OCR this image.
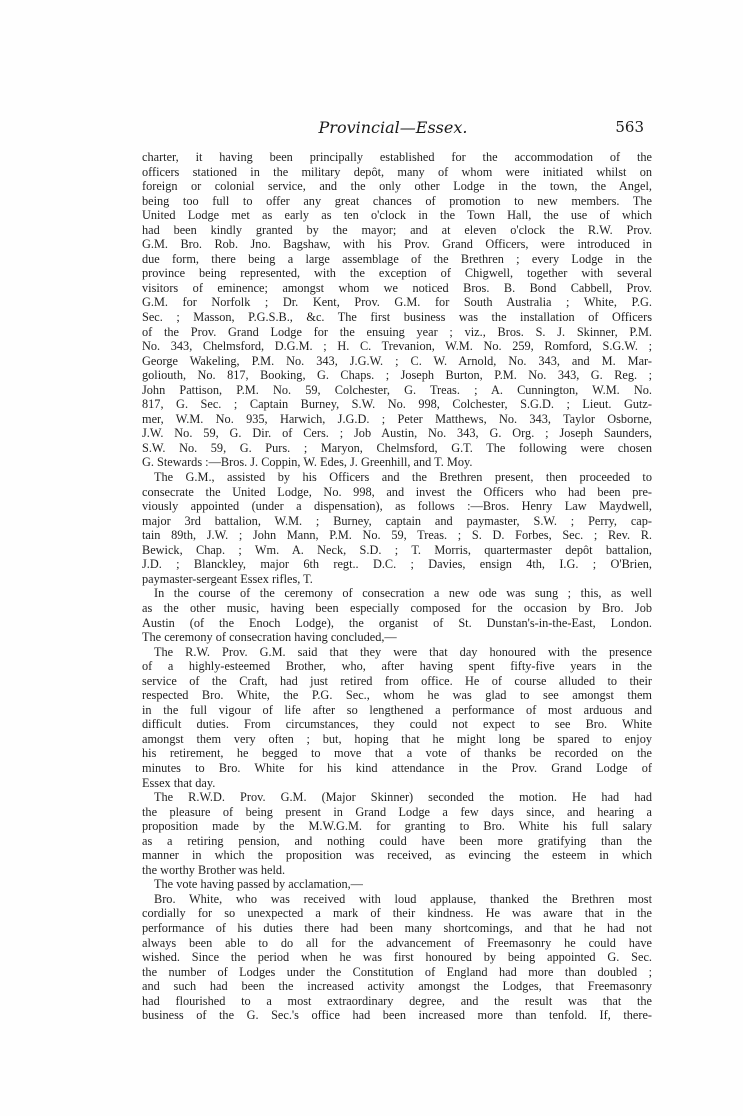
Provincial—Essex.	563
charter, it having been principally established for the accommodation of the
officers stationed in the military depôt, many of whom were initiated whilst on
foreign or colonial service, and the only other Lodge in the town, the Angel,
being too full to offer any great chances of promotion to new members. The
United Lodge met as early as ten o'clock in the Town Hall, the use of which
had been kindly granted by the mayor; and at eleven o'clock the R.W. Prov.
G.M. Bro. Rob. Jno. Bagshaw, with his Prov. Grand Officers, were introduced in
due form, there being a large assemblage of the Brethren ; every Lodge in the
province being represented, with the exception of Chigwell, together with several
visitors of eminence; amongst whom we noticed Bros. B. Bond Cabbell, Prov.
G.M. for Norfolk ; Dr. Kent, Prov. G.M. for South Australia ; White, P.G.
Sec. ; Masson, P.G.S.B., &c. The first business was the installation of Officers
of the Prov. Grand Lodge for the ensuing year ; viz., Bros. S. J. Skinner, P.M.
No. 343, Chelmsford, D.G.M. ; H. C. Trevanion, W.M. No. 259, Romford, S.G.W. ;
George Wakeling, P.M. No. 343, J.G.W. ; C. W. Arnold, No. 343, and M. Mar-
goliouth, No. 817, Booking, G. Chaps. ; Joseph Burton, P.M. No. 343, G. Reg. ;
John Pattison, P.M. No. 59, Colchester, G. Treas. ; A. Cunnington, W.M. No.
817, G. Sec. ; Captain Burney, S.W. No. 998, Colchester, S.G.D. ; Lieut. Gutz-
mer, W.M. No. 935, Harwich, J.G.D. ; Peter Matthews, No. 343, Taylor Osborne,
J.W. No. 59, G. Dir. of Cers. ; Job Austin, No. 343, G. Org. ; Joseph Saunders,
S.W. No. 59, G. Purs. ; Maryon, Chelmsford, G.T. The following were chosen
G. Stewards :—Bros. J. Coppin, W. Edes, J. Greenhill, and T. Moy.
The G.M., assisted by his Officers and the Brethren present, then proceeded to
consecrate the United Lodge, No. 998, and invest the Officers who had been pre-
viously appointed (under a dispensation), as follows :—Bros. Henry Law Maydwell,
major 3rd battalion, W.M. ; Burney, captain and paymaster, S.W. ; Perry, cap-
tain 89th, J.W. ; John Mann, P.M. No. 59, Treas. ; S. D. Forbes, Sec. ; Rev. R.
Bewick, Chap. ; Wm. A. Neck, S.D. ; T. Morris, quartermaster depôt battalion,
J.D. ; Blanckley, major 6th regt.. D.C. ; Davies, ensign 4th, I.G. ; O'Brien,
paymaster-sergeant Essex rifles, T.
In the course of the ceremony of consecration a new ode was sung ; this, as well
as the other music, having been especially composed for the occasion by Bro. Job
Austin (of the Enoch Lodge), the organist of St. Dunstan's-in-the-East, London.
The ceremony of consecration having concluded,—
The R.W. Prov. G.M. said that they were that day honoured with the presence
of a highly-esteemed Brother, who, after having spent fifty-five years in the
service of the Craft, had just retired from office. He of course alluded to their
respected Bro. White, the P.G. Sec., whom he was glad to see amongst them
in the full vigour of life after so lengthened a performance of most arduous and
difficult duties. From circumstances, they could not expect to see Bro. White
amongst them very often ; but, hoping that he might long be spared to enjoy
his retirement, he begged to move that a vote of thanks be recorded on the
minutes to Bro. White for his kind attendance in the Prov. Grand Lodge of
Essex that day.
The R.W.D. Prov. G.M. (Major Skinner) seconded the motion. He had had
the pleasure of being present in Grand Lodge a few days since, and hearing a
proposition made by the M.W.G.M. for granting to Bro. White his full salary
as a retiring pension, and nothing could have been more gratifying than the
manner in which the proposition was received, as evincing the esteem in which
the worthy Brother was held.
The vote having passed by acclamation,—
Bro. White, who was received with loud applause, thanked the Brethren most
cordially for so unexpected a mark of their kindness. He was aware that in the
performance of his duties there had been many shortcomings, and that he had not
always been able to do all for the advancement of Freemasonry he could have
wished. Since the period when he was first honoured by being appointed G. Sec.
the number of Lodges under the Constitution of England had more than doubled ;
and such had been the increased activity amongst the Lodges, that Freemasonry
had flourished to a most extraordinary degree, and the result was that the
business of the G. Sec.'s office had been increased more than tenfold. If, there-
